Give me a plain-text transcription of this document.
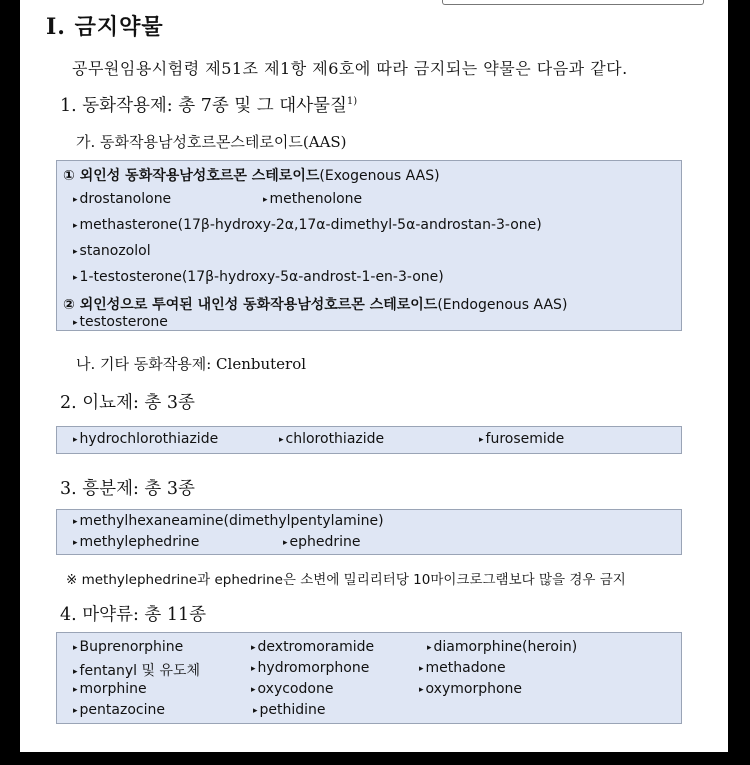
Ⅰ. 금지약물
공무원임용시험령 제51조 제1항 제6호에 따라 금지되는 약물은 다음과 같다.
1. 동화작용제: 총 7종 및 그 대사물질$^{1)}$
가. 동화작용남성호르몬스테로이드(AAS)
① 외인성 동화작용남성호르몬 스테로이드(Exogenous AAS)
▸ drostanolone	▸ methenolone
▸ methasterone(17β-hydroxy-2α,17α-dimethyl-5α-androstan-3-one)
▸ stanozolol
▸ 1-testosterone(17β-hydroxy-5α-androst-1-en-3-one)
② 외인성으로 투여된 내인성 동화작용남성호르몬 스테로이드(Endogenous AAS)
▸ testosterone
나. 기타 동화작용제: Clenbuterol
2. 이뇨제: 총 3종
▸ hydrochlorothiazide	▸ chlorothiazide	▸ furosemide
3. 흥분제: 총 3종
▸ methylhexaneamine(dimethylpentylamine)
▸ methylephedrine	▸ ephedrine
※ methylephedrine과 ephedrine은 소변에 밀리리터당 10마이크로그램보다 많을 경우 금지
4. 마약류: 총 11종
▸ Buprenorphine	▸ dextromoramide	▸ diamorphine(heroin)
▸ fentanyl 및 유도체	▸ hydromorphone	▸ methadone
▸ morphine	▸ oxycodone	▸ oxymorphone
▸ pentazocine	▸ pethidine
